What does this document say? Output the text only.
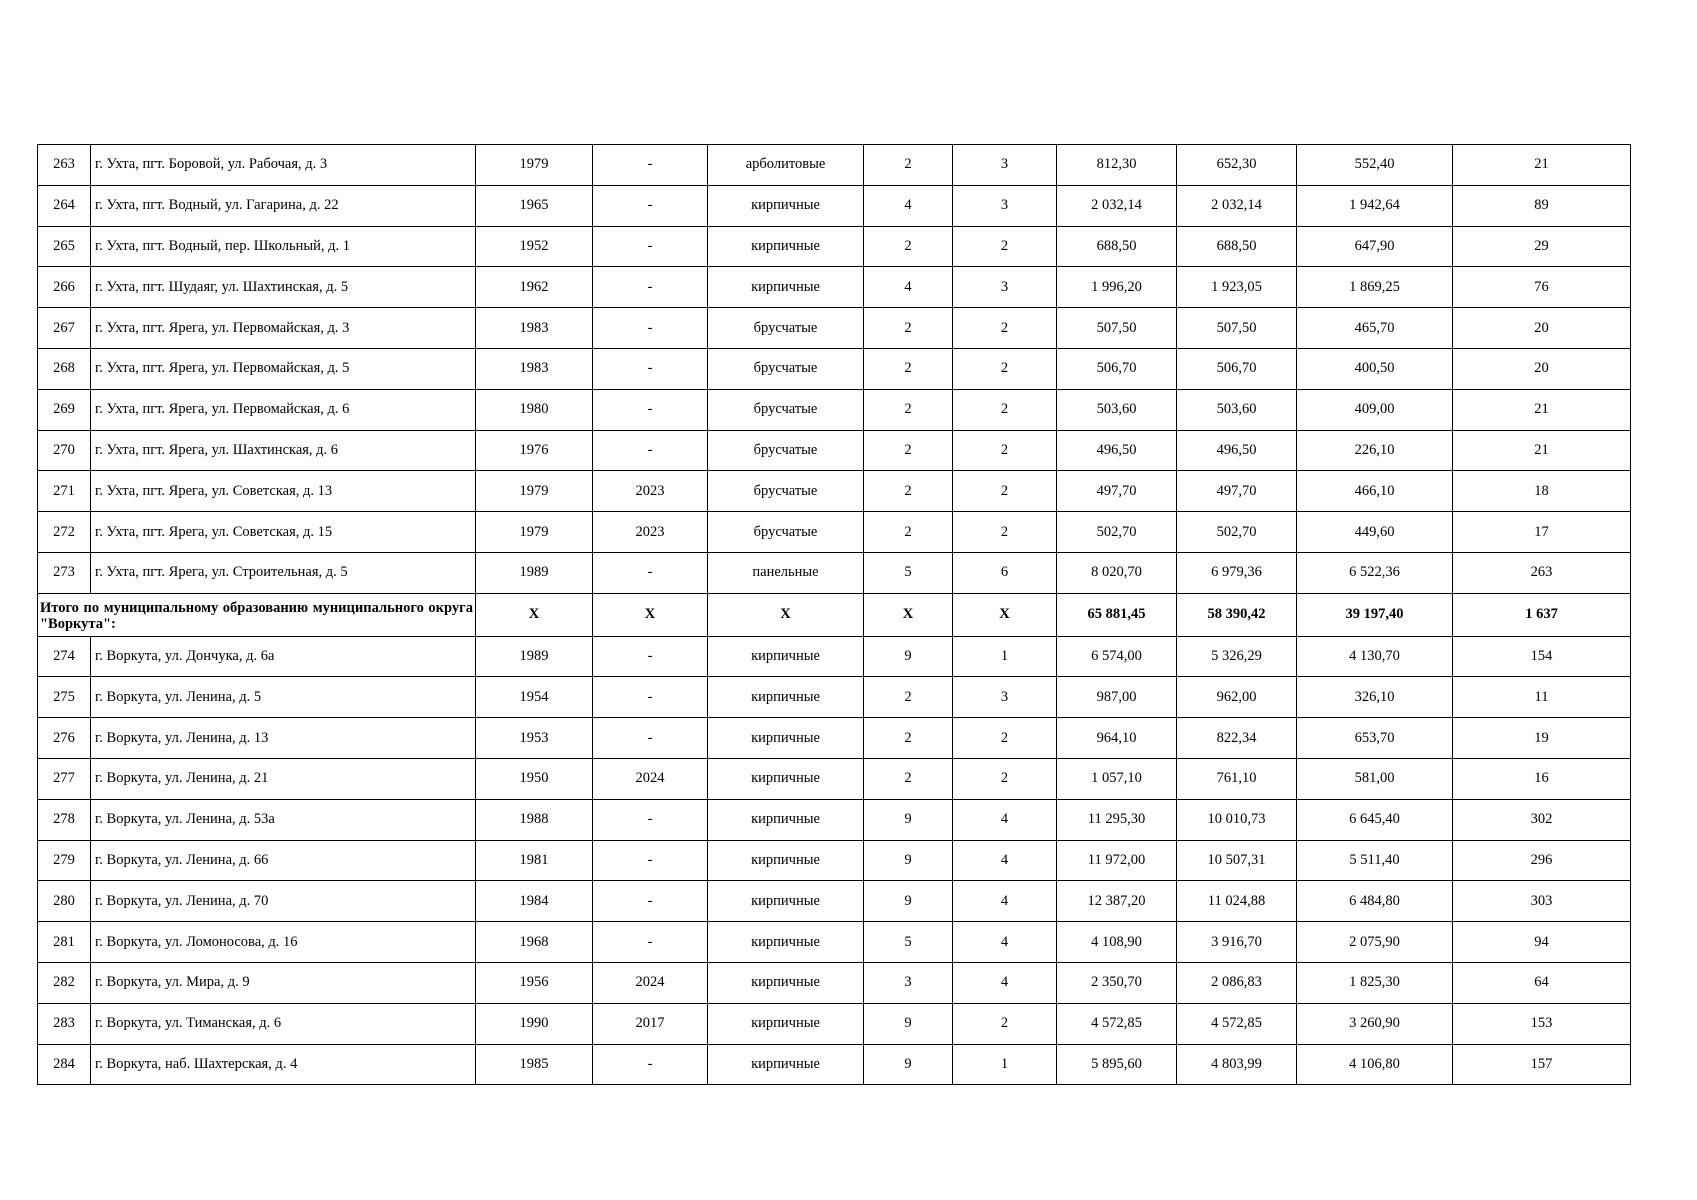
263	г. Ухта, пгт. Боровой, ул. Рабочая, д. 3	1979	-	арболитовые	2	3	812,30	652,30	552,40	21
264	г. Ухта, пгт. Водный, ул. Гагарина, д. 22	1965	-	кирпичные	4	3	2 032,14	2 032,14	1 942,64	89
265	г. Ухта, пгт. Водный, пер. Школьный, д. 1	1952	-	кирпичные	2	2	688,50	688,50	647,90	29
266	г. Ухта, пгт. Шудаяг, ул. Шахтинская, д. 5	1962	-	кирпичные	4	3	1 996,20	1 923,05	1 869,25	76
267	г. Ухта, пгт. Ярега, ул. Первомайская, д. 3	1983	-	брусчатые	2	2	507,50	507,50	465,70	20
268	г. Ухта, пгт. Ярега, ул. Первомайская, д. 5	1983	-	брусчатые	2	2	506,70	506,70	400,50	20
269	г. Ухта, пгт. Ярега, ул. Первомайская, д. 6	1980	-	брусчатые	2	2	503,60	503,60	409,00	21
270	г. Ухта, пгт. Ярега, ул. Шахтинская, д. 6	1976	-	брусчатые	2	2	496,50	496,50	226,10	21
271	г. Ухта, пгт. Ярега, ул. Советская, д. 13	1979	2023	брусчатые	2	2	497,70	497,70	466,10	18
272	г. Ухта, пгт. Ярега, ул. Советская, д. 15	1979	2023	брусчатые	2	2	502,70	502,70	449,60	17
273	г. Ухта, пгт. Ярега, ул. Строительная, д. 5	1989	-	панельные	5	6	8 020,70	6 979,36	6 522,36	263
Итого по муниципальному образованию муниципального округа "Воркута":		X	X	X	X	X	65 881,45	58 390,42	39 197,40	1 637
274	г. Воркута, ул. Дончука, д. 6а	1989	-	кирпичные	9	1	6 574,00	5 326,29	4 130,70	154
275	г. Воркута, ул. Ленина, д. 5	1954	-	кирпичные	2	3	987,00	962,00	326,10	11
276	г. Воркута, ул. Ленина, д. 13	1953	-	кирпичные	2	2	964,10	822,34	653,70	19
277	г. Воркута, ул. Ленина, д. 21	1950	2024	кирпичные	2	2	1 057,10	761,10	581,00	16
278	г. Воркута, ул. Ленина, д. 53а	1988	-	кирпичные	9	4	11 295,30	10 010,73	6 645,40	302
279	г. Воркута, ул. Ленина, д. 66	1981	-	кирпичные	9	4	11 972,00	10 507,31	5 511,40	296
280	г. Воркута, ул. Ленина, д. 70	1984	-	кирпичные	9	4	12 387,20	11 024,88	6 484,80	303
281	г. Воркута, ул. Ломоносова, д. 16	1968	-	кирпичные	5	4	4 108,90	3 916,70	2 075,90	94
282	г. Воркута, ул. Мира, д. 9	1956	2024	кирпичные	3	4	2 350,70	2 086,83	1 825,30	64
283	г. Воркута, ул. Тиманская, д. 6	1990	2017	кирпичные	9	2	4 572,85	4 572,85	3 260,90	153
284	г. Воркута, наб. Шахтерская, д. 4	1985	-	кирпичные	9	1	5 895,60	4 803,99	4 106,80	157
